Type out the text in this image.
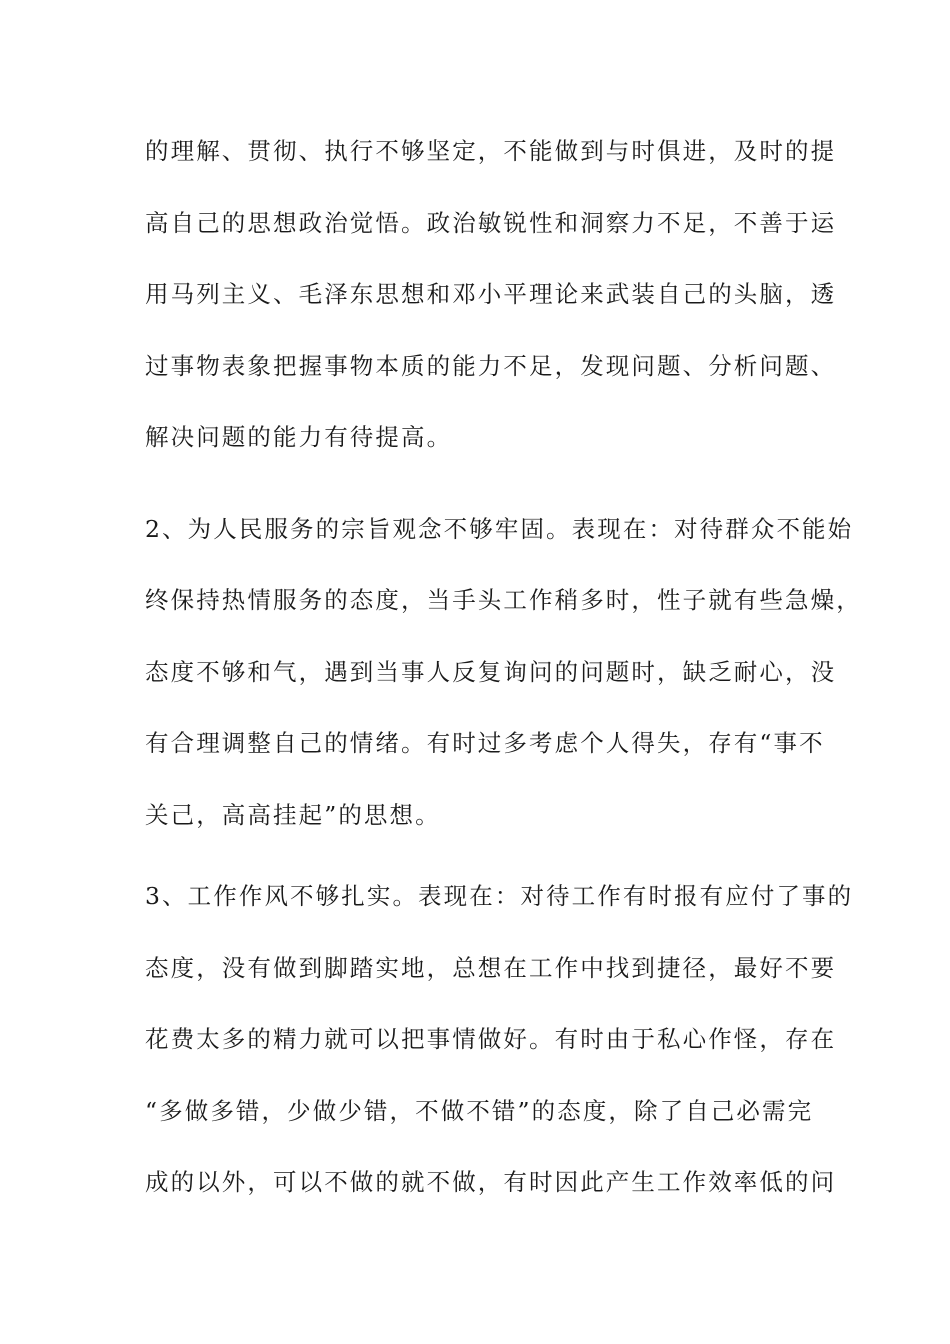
的理解、贯彻、执行不够坚定，不能做到与时俱进，及时的提
高自己的思想政治觉悟。政治敏锐性和洞察力不足，不善于运
用马列主义、毛泽东思想和邓小平理论来武装自己的头脑，透
过事物表象把握事物本质的能力不足，发现问题、分析问题、
解决问题的能力有待提高。
2、为人民服务的宗旨观念不够牢固。表现在：对待群众不能始
终保持热情服务的态度，当手头工作稍多时，性子就有些急燥，
态度不够和气，遇到当事人反复询问的问题时，缺乏耐心，没
有合理调整自己的情绪。有时过多考虑个人得失，存有“事不
关己，高高挂起”的思想。
3、工作作风不够扎实。表现在：对待工作有时报有应付了事的
态度，没有做到脚踏实地，总想在工作中找到捷径，最好不要
花费太多的精力就可以把事情做好。有时由于私心作怪，存在
“多做多错，少做少错，不做不错”的态度，除了自己必需完
成的以外，可以不做的就不做，有时因此产生工作效率低的问
